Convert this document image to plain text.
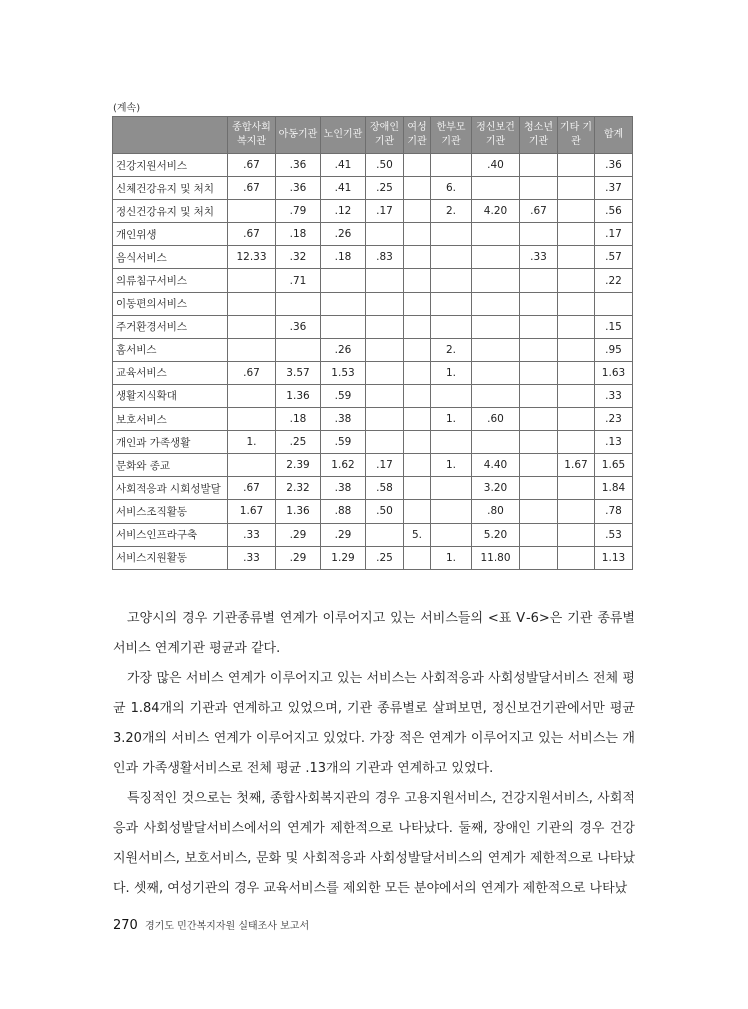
(계속)
	종합사회 복지관	아동기관	노인기관	장애인 기관	여성 기관	한부모 기관	정신보건 기관	청소년 기관	기타 기관	합계
건강지원서비스	.67	.36	.41	.50			.40			.36
신체건강유지 및 처치	.67	.36	.41	.25		6.				.37
정신건강유지 및 처치		.79	.12	.17		2.	4.20	.67		.56
개인위생	.67	.18	.26							.17
음식서비스	12.33	.32	.18	.83				.33		.57
의류침구서비스		.71								.22
이동편의서비스										
주거환경서비스		.36								.15
홈서비스			.26			2.				.95
교육서비스	.67	3.57	1.53			1.				1.63
생활지식확대		1.36	.59							.33
보호서비스		.18	.38			1.	.60			.23
개인과 가족생활	1.	.25	.59							.13
문화와 종교		2.39	1.62	.17		1.	4.40		1.67	1.65
사회적응과 시회성발달	.67	2.32	.38	.58			3.20			1.84
서비스조직활동	1.67	1.36	.88	.50			.80			.78
서비스인프라구축	.33	.29	.29		5.		5.20			.53
서비스지원활동	.33	.29	1.29	.25		1.	11.80			1.13

고양시의 경우 기관종류별 연계가 이루어지고 있는 서비스들의 <표 Ⅴ-6>은 기관 종류별 서비스 연계기관 평균과 같다.

가장 많은 서비스 연계가 이루어지고 있는 서비스는 사회적응과 사회성발달서비스 전체 평균 1.84개의 기관과 연계하고 있었으며, 기관 종류별로 살펴보면, 정신보건기관에서만 평균 3.20개의 서비스 연계가 이루어지고 있었다. 가장 적은 연계가 이루어지고 있는 서비스는 개인과 가족생활서비스로 전체 평균 .13개의 기관과 연계하고 있었다.

특징적인 것으로는 첫째, 종합사회복지관의 경우 고용지원서비스, 건강지원서비스, 사회적응과 사회성발달서비스에서의 연계가 제한적으로 나타났다. 둘째, 장애인 기관의 경우 건강지원서비스, 보호서비스, 문화 및 사회적응과 사회성발달서비스의 연계가 제한적으로 나타났다. 셋째, 여성기관의 경우 교육서비스를 제외한 모든 분야에서의 연계가 제한적으로 나타났

270 경기도 민간복지자원 실태조사 보고서
